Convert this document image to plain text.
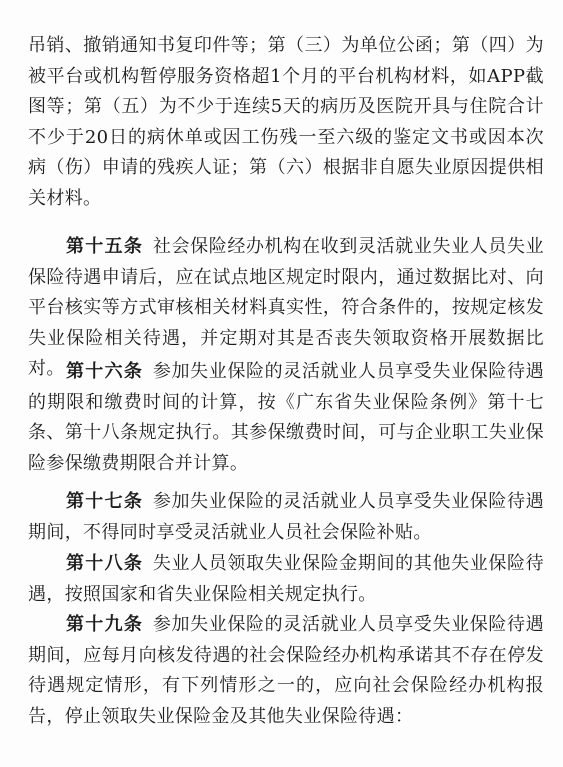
吊销、撤销通知书复印件等；第（三）为单位公函；第（四）为被平台或机构暂停服务资格超1个月的平台机构材料，如APP截图等；第（五）为不少于连续5天的病历及医院开具与住院合计不少于20日的病休单或因工伤残一至六级的鉴定文书或因本次病（伤）申请的残疾人证；第（六）根据非自愿失业原因提供相关材料。

第十五条  社会保险经办机构在收到灵活就业失业人员失业保险待遇申请后，应在试点地区规定时限内，通过数据比对、向平台核实等方式审核相关材料真实性，符合条件的，按规定核发失业保险相关待遇，并定期对其是否丧失领取资格开展数据比对。 第十六条  参加失业保险的灵活就业人员享受失业保险待遇的期限和缴费时间的计算，按《广东省失业保险条例》第十七条、第十八条规定执行。其参保缴费时间，可与企业职工失业保险参保缴费期限合并计算。

第十七条  参加失业保险的灵活就业人员享受失业保险待遇期间，不得同时享受灵活就业人员社会保险补贴。

第十八条  失业人员领取失业保险金期间的其他失业保险待遇，按照国家和省失业保险相关规定执行。

第十九条  参加失业保险的灵活就业人员享受失业保险待遇期间，应每月向核发待遇的社会保险经办机构承诺其不存在停发待遇规定情形，有下列情形之一的，应向社会保险经办机构报告，停止领取失业保险金及其他失业保险待遇：
